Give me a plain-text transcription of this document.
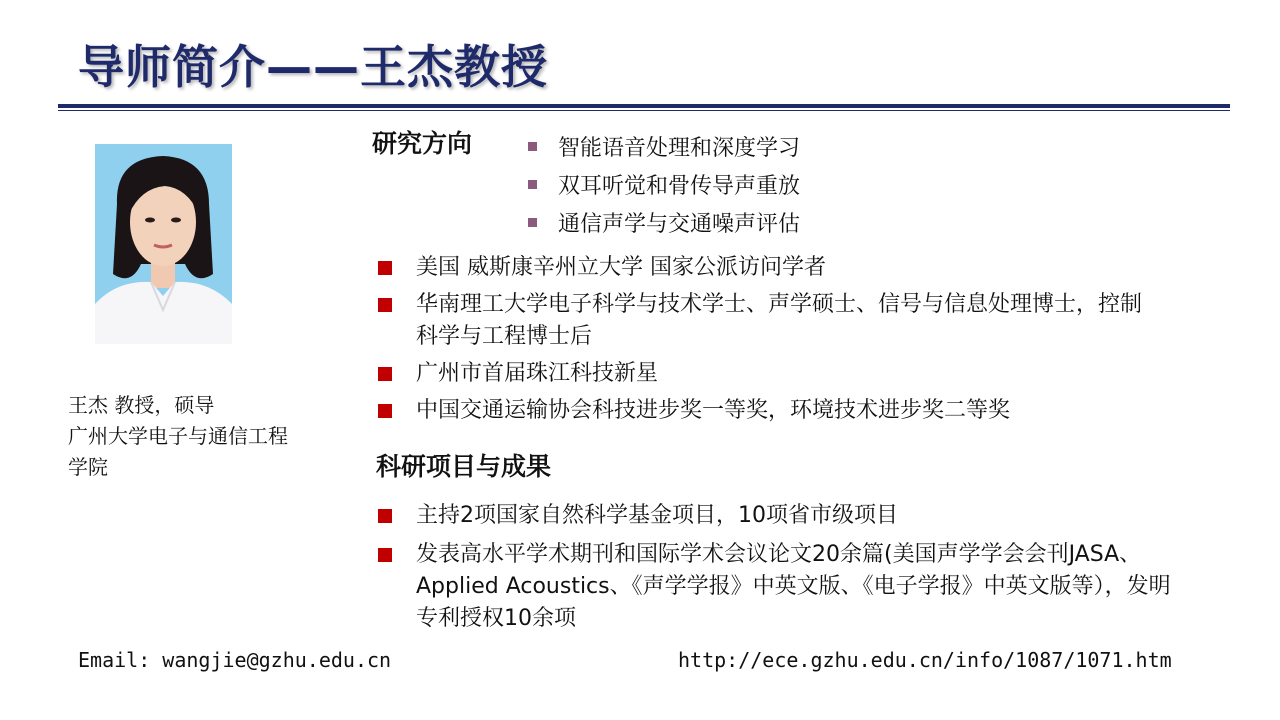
导师简介——王杰教授
王杰 教授，硕导
广州大学电子与通信工程
学院
研究方向	智能语音处理和深度学习
双耳听觉和骨传导声重放
通信声学与交通噪声评估
美国 威斯康辛州立大学 国家公派访问学者
华南理工大学电子科学与技术学士、声学硕士、信号与信息处理博士，控制科学与工程博士后
广州市首届珠江科技新星
中国交通运输协会科技进步奖一等奖，环境技术进步奖二等奖
科研项目与成果
主持2项国家自然科学基金项目，10项省市级项目
发表高水平学术期刊和国际学术会议论文20余篇(美国声学学会会刊JASA、Applied Acoustics、《声学学报》中英文版、《电子学报》中英文版等），发明专利授权10余项
Email: wangjie@gzhu.edu.cn	http://ece.gzhu.edu.cn/info/1087/1071.htm
